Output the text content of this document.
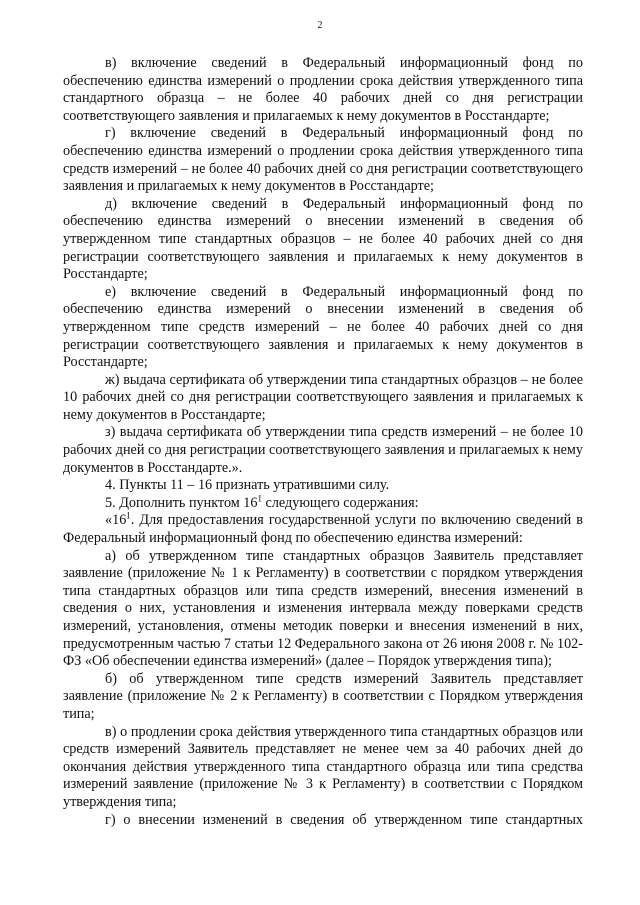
2

в) включение сведений в Федеральный информационный фонд по обеспечению единства измерений о продлении срока действия утвержденного типа стандартного образца – не более 40 рабочих дней со дня регистрации соответствующего заявления и прилагаемых к нему документов в Росстандарте;

г) включение сведений в Федеральный информационный фонд по обеспечению единства измерений о продлении срока действия утвержденного типа средств измерений – не более 40 рабочих дней со дня регистрации соответствующего заявления и прилагаемых к нему документов в Росстандарте;

д) включение сведений в Федеральный информационный фонд по обеспечению единства измерений о внесении изменений в сведения об утвержденном типе стандартных образцов – не более 40 рабочих дней со дня регистрации соответствующего заявления и прилагаемых к нему документов в Росстандарте;

е) включение сведений в Федеральный информационный фонд по обеспечению единства измерений о внесении изменений в сведения об утвержденном типе средств измерений – не более 40 рабочих дней со дня регистрации соответствующего заявления и прилагаемых к нему документов в Росстандарте;

ж) выдача сертификата об утверждении типа стандартных образцов – не более 10 рабочих дней со дня регистрации соответствующего заявления и прилагаемых к нему документов в Росстандарте;

з) выдача сертификата об утверждении типа средств измерений – не более 10 рабочих дней со дня регистрации соответствующего заявления и прилагаемых к нему документов в Росстандарте.».

4. Пункты 11 – 16 признать утратившими силу.

5. Дополнить пунктом $16^1$ следующего содержания:

«$16^1$. Для предоставления государственной услуги по включению сведений в Федеральный информационный фонд по обеспечению единства измерений:

а) об утвержденном типе стандартных образцов Заявитель представляет заявление (приложение № 1 к Регламенту) в соответствии с порядком утверждения типа стандартных образцов или типа средств измерений, внесения изменений в сведения о них, установления и изменения интервала между поверками средств измерений, установления, отмены методик поверки и внесения изменений в них, предусмотренным частью 7 статьи 12 Федерального закона от 26 июня 2008 г. № 102-ФЗ «Об обеспечении единства измерений» (далее – Порядок утверждения типа);

б) об утвержденном типе средств измерений Заявитель представляет заявление (приложение № 2 к Регламенту) в соответствии с Порядком утверждения типа;

в) о продлении срока действия утвержденного типа стандартных образцов или средств измерений Заявитель представляет не менее чем за 40 рабочих дней до окончания действия утвержденного типа стандартного образца или типа средства измерений заявление (приложение № 3 к Регламенту) в соответствии с Порядком утверждения типа;

г) о внесении изменений в сведения об утвержденном типе стандартных
